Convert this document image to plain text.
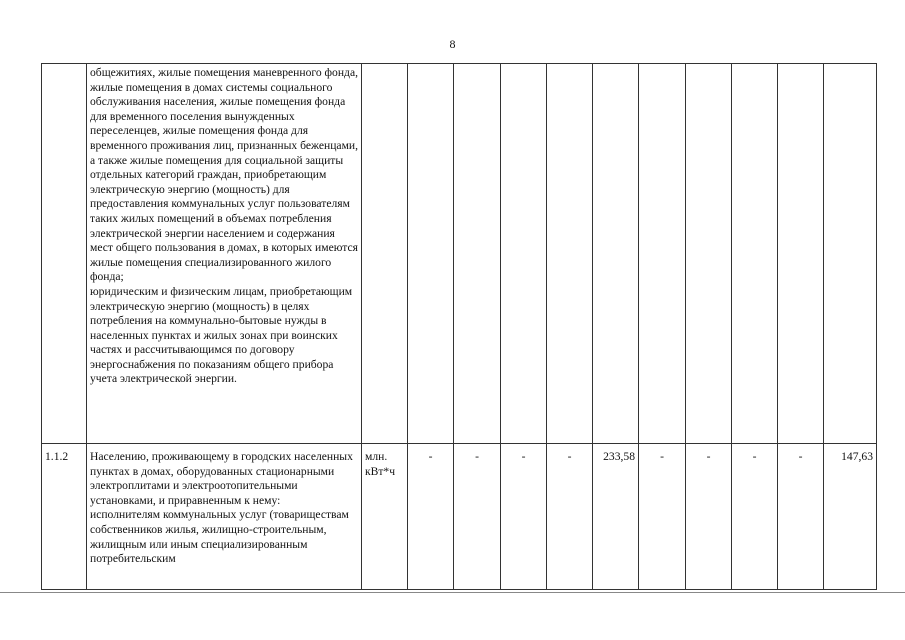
8
	общежитиях, жилые помещения маневренного фонда, жилые помещения в домах системы социального обслуживания населения, жилые помещения фонда для временного поселения вынужденных переселенцев, жилые помещения фонда для временного проживания лиц, признанных беженцами, а также жилые помещения для социальной защиты отдельных категорий граждан, приобретающим электрическую энергию (мощность) для предоставления коммунальных услуг пользователям таких жилых помещений в объемах потребления электрической энергии населением и содержания мест общего пользования в домах, в которых имеются жилые помещения специализированного жилого фонда;
юридическим и физическим лицам, приобретающим электрическую энергию (мощность) в целях потребления на коммунально-бытовые нужды в населенных пунктах и жилых зонах при воинских частях и рассчитывающимся по договору энергоснабжения по показаниям общего прибора учета электрической энергии.											
1.1.2	Населению, проживающему в городских населенных пунктах в домах, оборудованных стационарными электроплитами и электроотопительными установками, и приравненным к нему:
исполнителям коммунальных услуг (товариществам собственников жилья, жилищно-строительным, жилищным или иным специализированным потребительским	млн. кВт*ч	-	-	-	-	233,58	-	-	-	-	147,63
